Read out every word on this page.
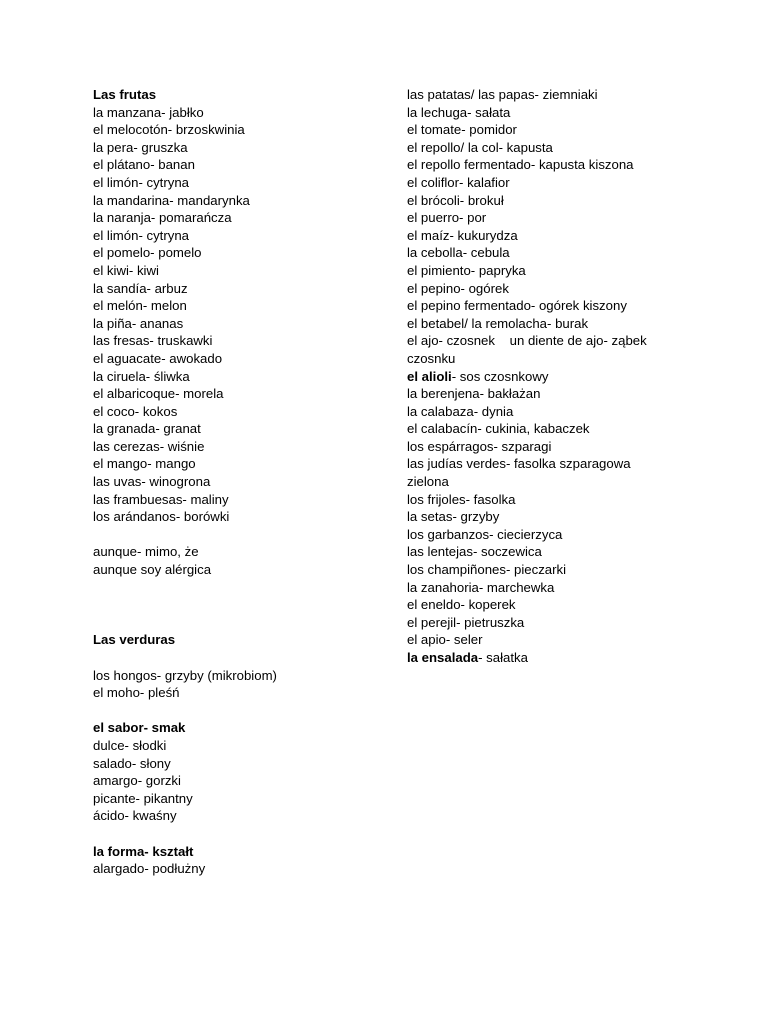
Las frutas
la manzana- jabłko
el melocotón- brzoskwinia
la pera- gruszka
el plátano- banan
el limón- cytryna
la mandarina- mandarynka
la naranja- pomarańcza
el limón- cytryna
el pomelo- pomelo
el kiwi- kiwi
la sandía- arbuz
el melón- melon
la piña- ananas
las fresas- truskawki
el aguacate- awokado
la ciruela- śliwka
el albaricoque- morela
el coco- kokos
la granada- granat
las cerezas- wiśnie
el mango- mango
las uvas- winogrona
las frambuesas- maliny
los arándanos- borówki
aunque- mimo, że
aunque soy alérgica
Las verduras
los hongos- grzyby (mikrobiom)
el moho- pleśń
el sabor- smak
dulce- słodki
salado- słony
amargo- gorzki
picante- pikantny
ácido- kwaśny
la forma- kształt
alargado- podłużny
las patatas/ las papas- ziemniaki
la lechuga- sałata
el tomate- pomidor
el repollo/ la col- kapusta
el repollo fermentado- kapusta kiszona
el coliflor- kalafior
el brócoli- brokuł
el puerro- por
el maíz- kukurydza
la cebolla- cebula
el pimiento- papryka
el pepino- ogórek
el pepino fermentado- ogórek kiszony
el betabel/ la remolacha- burak
el ajo- czosnek    un diente de ajo- ząbek
czosnku
el alioli- sos czosnkowy
la berenjena- bakłażan
la calabaza- dynia
el calabacín- cukinia, kabaczek
los espárragos- szparagi
las judías verdes- fasolka szparagowa
zielona
los frijoles- fasolka
la setas- grzyby
los garbanzos- ciecierzyca
las lentejas- soczewica
los champiñones- pieczarki
la zanahoria- marchewka
el eneldo- koperek
el perejil- pietruszka
el apio- seler
la ensalada- sałatka
